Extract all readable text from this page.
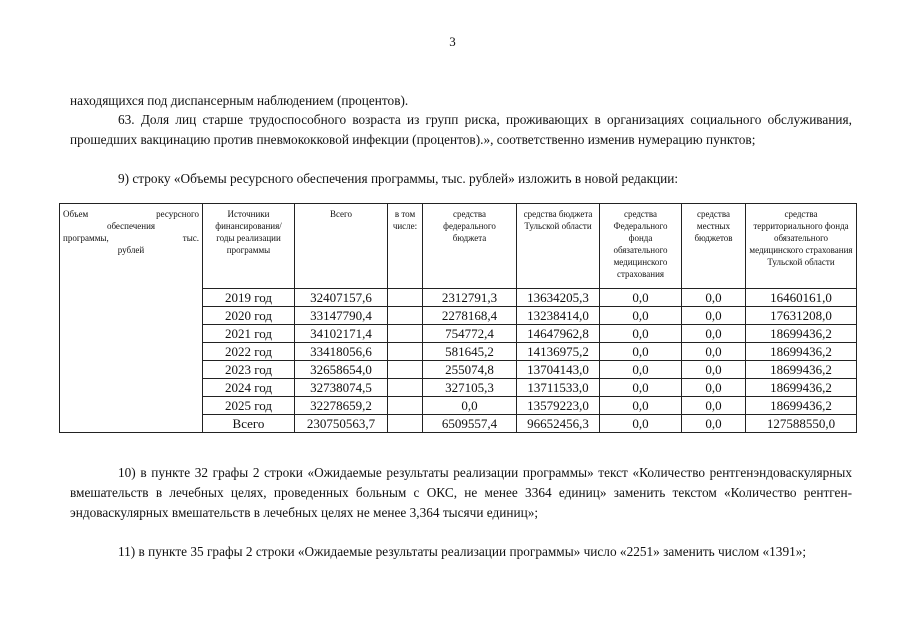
3

находящихся под диспансерным наблюдением (процентов).

63. Доля лиц старше трудоспособного возраста из групп риска, проживающих в организациях социального обслуживания, прошедших вакцинацию против пневмококковой инфекции (процентов).», соответственно изменив нумерацию пунктов;

9) строку «Объемы ресурсного обеспечения программы, тыс. рублей» изложить в новой редакции:

Объем ресурсного
обеспечения
программы, тыс.
рублей	Источники финансирования/ годы реализации программы	Всего	в том числе:	средства федерального бюджета	средства бюджета Тульской области	средства Федерального фонда обязательного медицинского страхования	средства местных бюджетов	средства территориального фонда обязательного медицинского страхования Тульской области
	2019 год	32407157,6		2312791,3	13634205,3	0,0	0,0	16460161,0
	2020 год	33147790,4		2278168,4	13238414,0	0,0	0,0	17631208,0
	2021 год	34102171,4		754772,4	14647962,8	0,0	0,0	18699436,2
	2022 год	33418056,6		581645,2	14136975,2	0,0	0,0	18699436,2
	2023 год	32658654,0		255074,8	13704143,0	0,0	0,0	18699436,2
	2024 год	32738074,5		327105,3	13711533,0	0,0	0,0	18699436,2
	2025 год	32278659,2		0,0	13579223,0	0,0	0,0	18699436,2
	Всего	230750563,7		6509557,4	96652456,3	0,0	0,0	127588550,0

10) в пункте 32 графы 2 строки «Ожидаемые результаты реализации программы» текст «Количество рентгенэндоваскулярных вмешательств в лечебных целях, проведенных больным с ОКС, не менее 3364 единиц» заменить текстом «Количество рентген-эндоваскулярных вмешательств в лечебных целях не менее 3,364 тысячи единиц»;

11) в пункте 35 графы 2 строки «Ожидаемые результаты реализации программы» число «2251» заменить числом «1391»;
